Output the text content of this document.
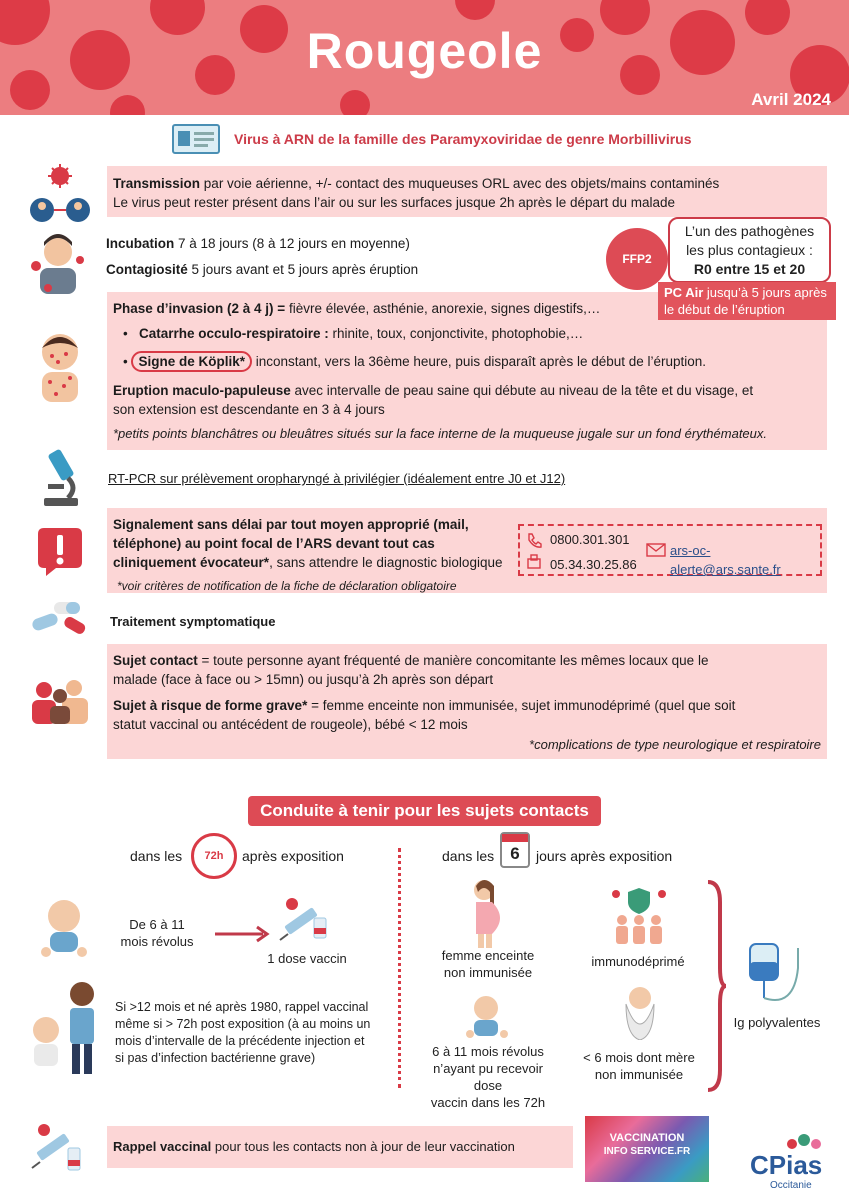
Rougeole
Avril 2024
Virus à ARN de la famille des Paramyxoviridae de genre Morbillivirus
Transmission par voie aérienne, +/- contact des muqueuses ORL avec des objets/mains contaminés
Le virus peut rester présent dans l’air ou sur les surfaces jusque 2h après le départ du malade
Incubation 7 à 18 jours (8 à 12 jours en moyenne)
Contagiosité 5 jours avant et 5 jours après éruption
L’un des pathogènes
les plus contagieux :
R0 entre 15 et 20
FFP2
Phase d’invasion (2 à 4 j) = fièvre élevée, asthénie, anorexie, signes digestifs,…
•   Catarrhe occulo-respiratoire : rhinite, toux, conjonctivite, photophobie,…
• Signe de Köplik* inconstant, vers la 36ème heure, puis disparaît après le début de l’éruption.
Eruption maculo-papuleuse avec intervalle de peau saine qui débute au niveau de la tête et du visage, et
son extension est descendante en 3 à 4 jours
*petits points blanchâtres ou bleuâtres situés sur la face interne de la muqueuse jugale sur un fond érythémateux.
PC Air jusqu’à 5 jours après
le début de l’éruption
RT-PCR sur prélèvement oropharyngé à privilégier (idéalement entre J0 et J12)
Signalement sans délai par tout moyen approprié (mail,
téléphone) au point focal de l’ARS devant tout cas
cliniquement évocateur*, sans attendre le diagnostic biologique
*voir critères de notification de la fiche de déclaration obligatoire
0800.301.301
05.34.30.25.86
ars-oc-alerte@ars.sante.fr
Traitement symptomatique
Sujet contact = toute personne ayant fréquenté de manière concomitante les mêmes locaux que le
malade (face à face ou > 15mn) ou jusqu’à 2h après son départ
Sujet à risque de forme grave* = femme enceinte non immunisée, sujet immunodéprimé (quel que soit
statut vaccinal ou antécédent de rougeole), bébé < 12 mois
*complications de type neurologique et respiratoire
Conduite à tenir pour les sujets contacts
dans les	72h	après exposition	dans les 6	jours après exposition
De 6 à 11
mois révolus
1 dose vaccin
Si >12 mois et né après 1980, rappel vaccinal
même si > 72h post exposition (à au moins un
mois d’intervalle de la précédente injection et
si pas d’infection bactérienne grave)
femme enceinte
non immunisée
immunodéprimé
6 à 11 mois révolus
n’ayant pu recevoir dose
vaccin dans les 72h
< 6 mois dont mère
non immunisée
Ig polyvalentes
Rappel vaccinal pour tous les contacts non à jour de leur vaccination
VACCINATION
INFO SERVICE.FR	CPias
Occitanie
